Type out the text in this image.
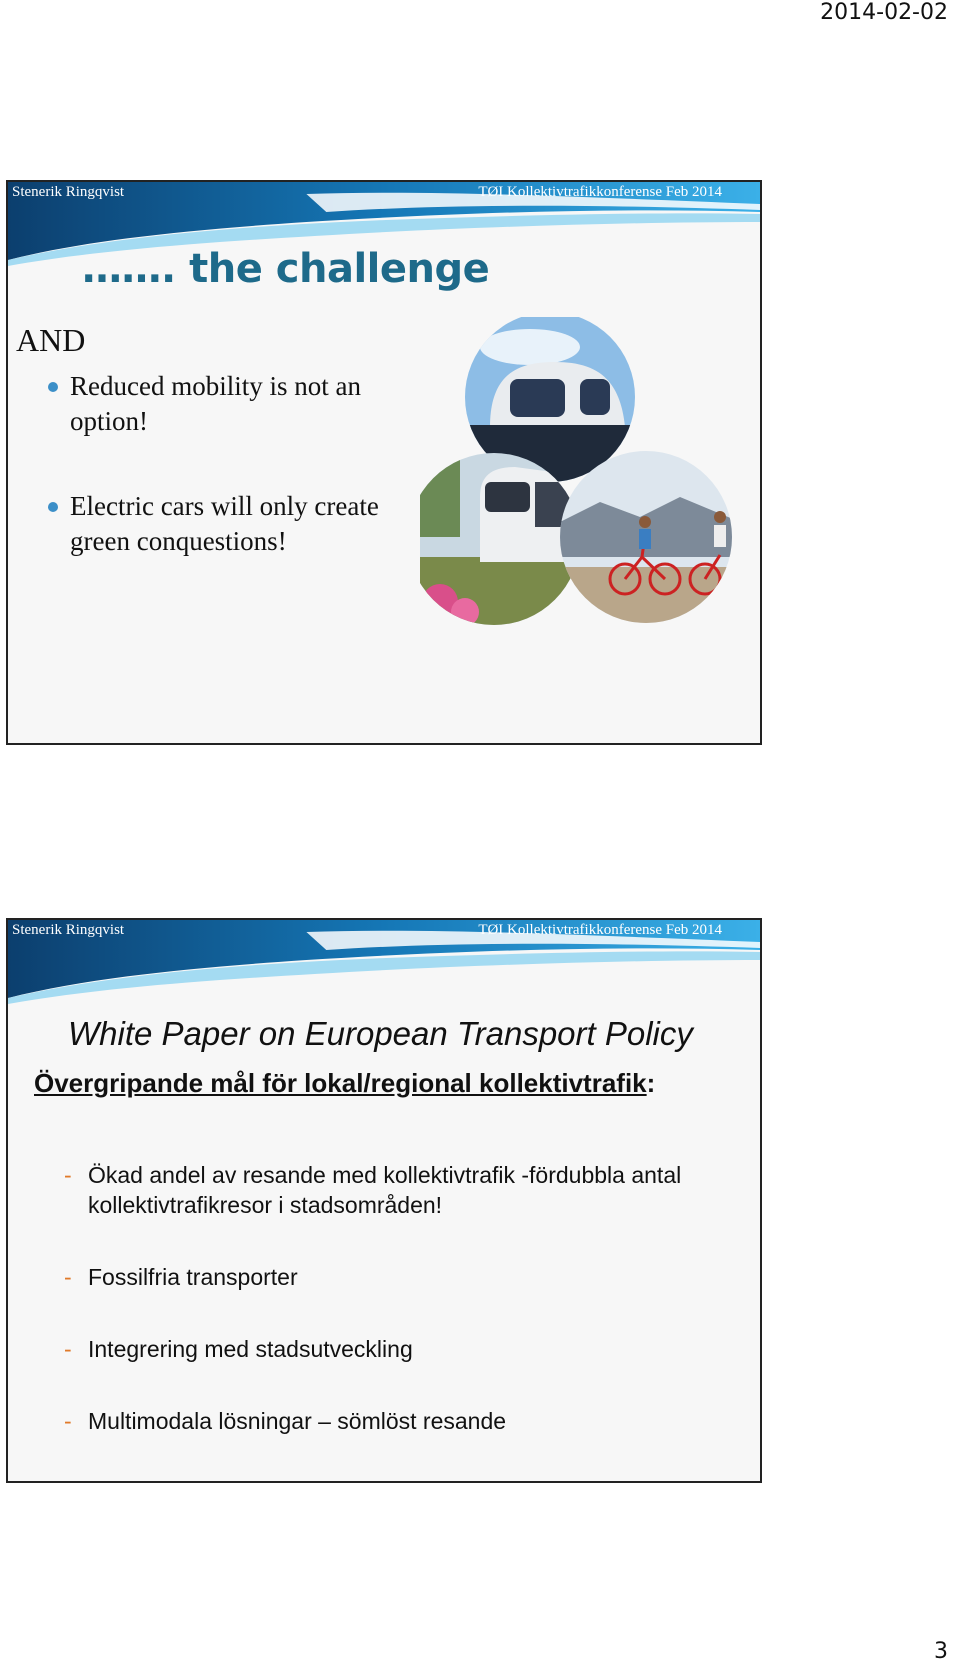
2014-02-02
Stenerik Ringqvist	TØI Kollektivtrafikkonferense Feb 2014
……. the challenge
AND
Reduced mobility is not an option!
Electric cars will only create green conquestions!
Stenerik Ringqvist	TØI Kollektivtrafikkonferense Feb 2014
White Paper on European Transport Policy
Övergripande mål för lokal/regional kollektivtrafik:
- Ökad andel av resande med kollektivtrafik -fördubbla antal kollektivtrafikresor i stadsområden!
- Fossilfria transporter
- Integrering med stadsutveckling
- Multimodala lösningar – sömlöst resande
3
